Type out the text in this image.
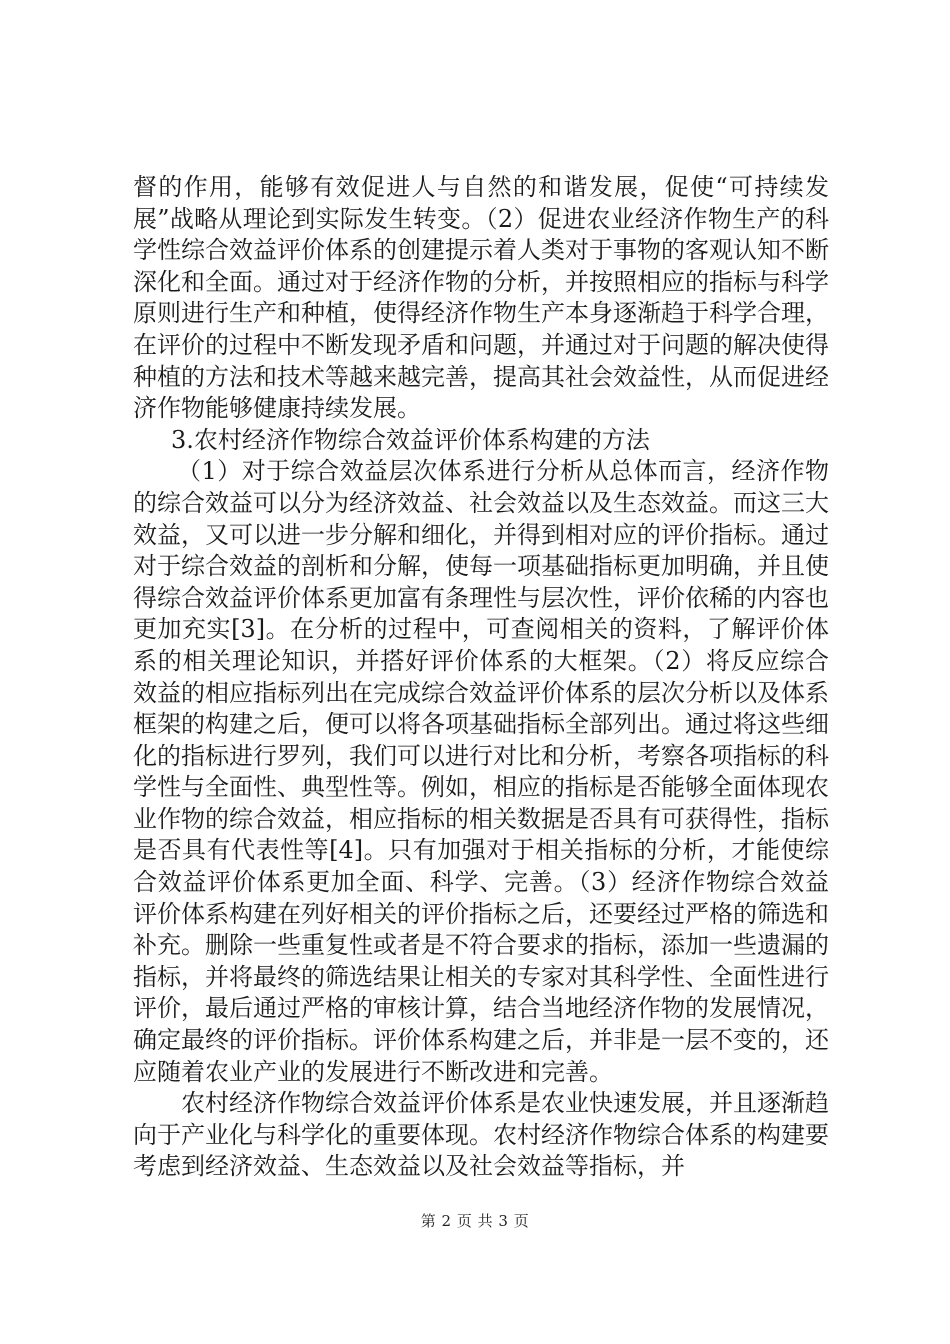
督的作用，能够有效促进人与自然的和谐发展，促使“可持续发展”战略从理论到实际发生转变。（2）促进农业经济作物生产的科学性综合效益评价体系的创建提示着人类对于事物的客观认知不断深化和全面。通过对于经济作物的分析，并按照相应的指标与科学原则进行生产和种植，使得经济作物生产本身逐渐趋于科学合理，在评价的过程中不断发现矛盾和问题，并通过对于问题的解决使得种植的方法和技术等越来越完善，提高其社会效益性，从而促进经济作物能够健康持续发展。

3.农村经济作物综合效益评价体系构建的方法

（1）对于综合效益层次体系进行分析从总体而言，经济作物的综合效益可以分为经济效益、社会效益以及生态效益。而这三大效益，又可以进一步分解和细化，并得到相对应的评价指标。通过对于综合效益的剖析和分解，使每一项基础指标更加明确，并且使得综合效益评价体系更加富有条理性与层次性，评价依稀的内容也更加充实[3]。在分析的过程中，可查阅相关的资料，了解评价体系的相关理论知识，并搭好评价体系的大框架。（2）将反应综合效益的相应指标列出在完成综合效益评价体系的层次分析以及体系框架的构建之后，便可以将各项基础指标全部列出。通过将这些细化的指标进行罗列，我们可以进行对比和分析，考察各项指标的科学性与全面性、典型性等。例如，相应的指标是否能够全面体现农业作物的综合效益，相应指标的相关数据是否具有可获得性，指标是否具有代表性等[4]。只有加强对于相关指标的分析，才能使综合效益评价体系更加全面、科学、完善。（3）经济作物综合效益评价体系构建在列好相关的评价指标之后，还要经过严格的筛选和补充。删除一些重复性或者是不符合要求的指标，添加一些遗漏的指标，并将最终的筛选结果让相关的专家对其科学性、全面性进行评价，最后通过严格的审核计算，结合当地经济作物的发展情况，确定最终的评价指标。评价体系构建之后，并非是一层不变的，还应随着农业产业的发展进行不断改进和完善。

农村经济作物综合效益评价体系是农业快速发展，并且逐渐趋向于产业化与科学化的重要体现。农村经济作物综合体系的构建要考虑到经济效益、生态效益以及社会效益等指标，并

第 2 页 共 3 页
